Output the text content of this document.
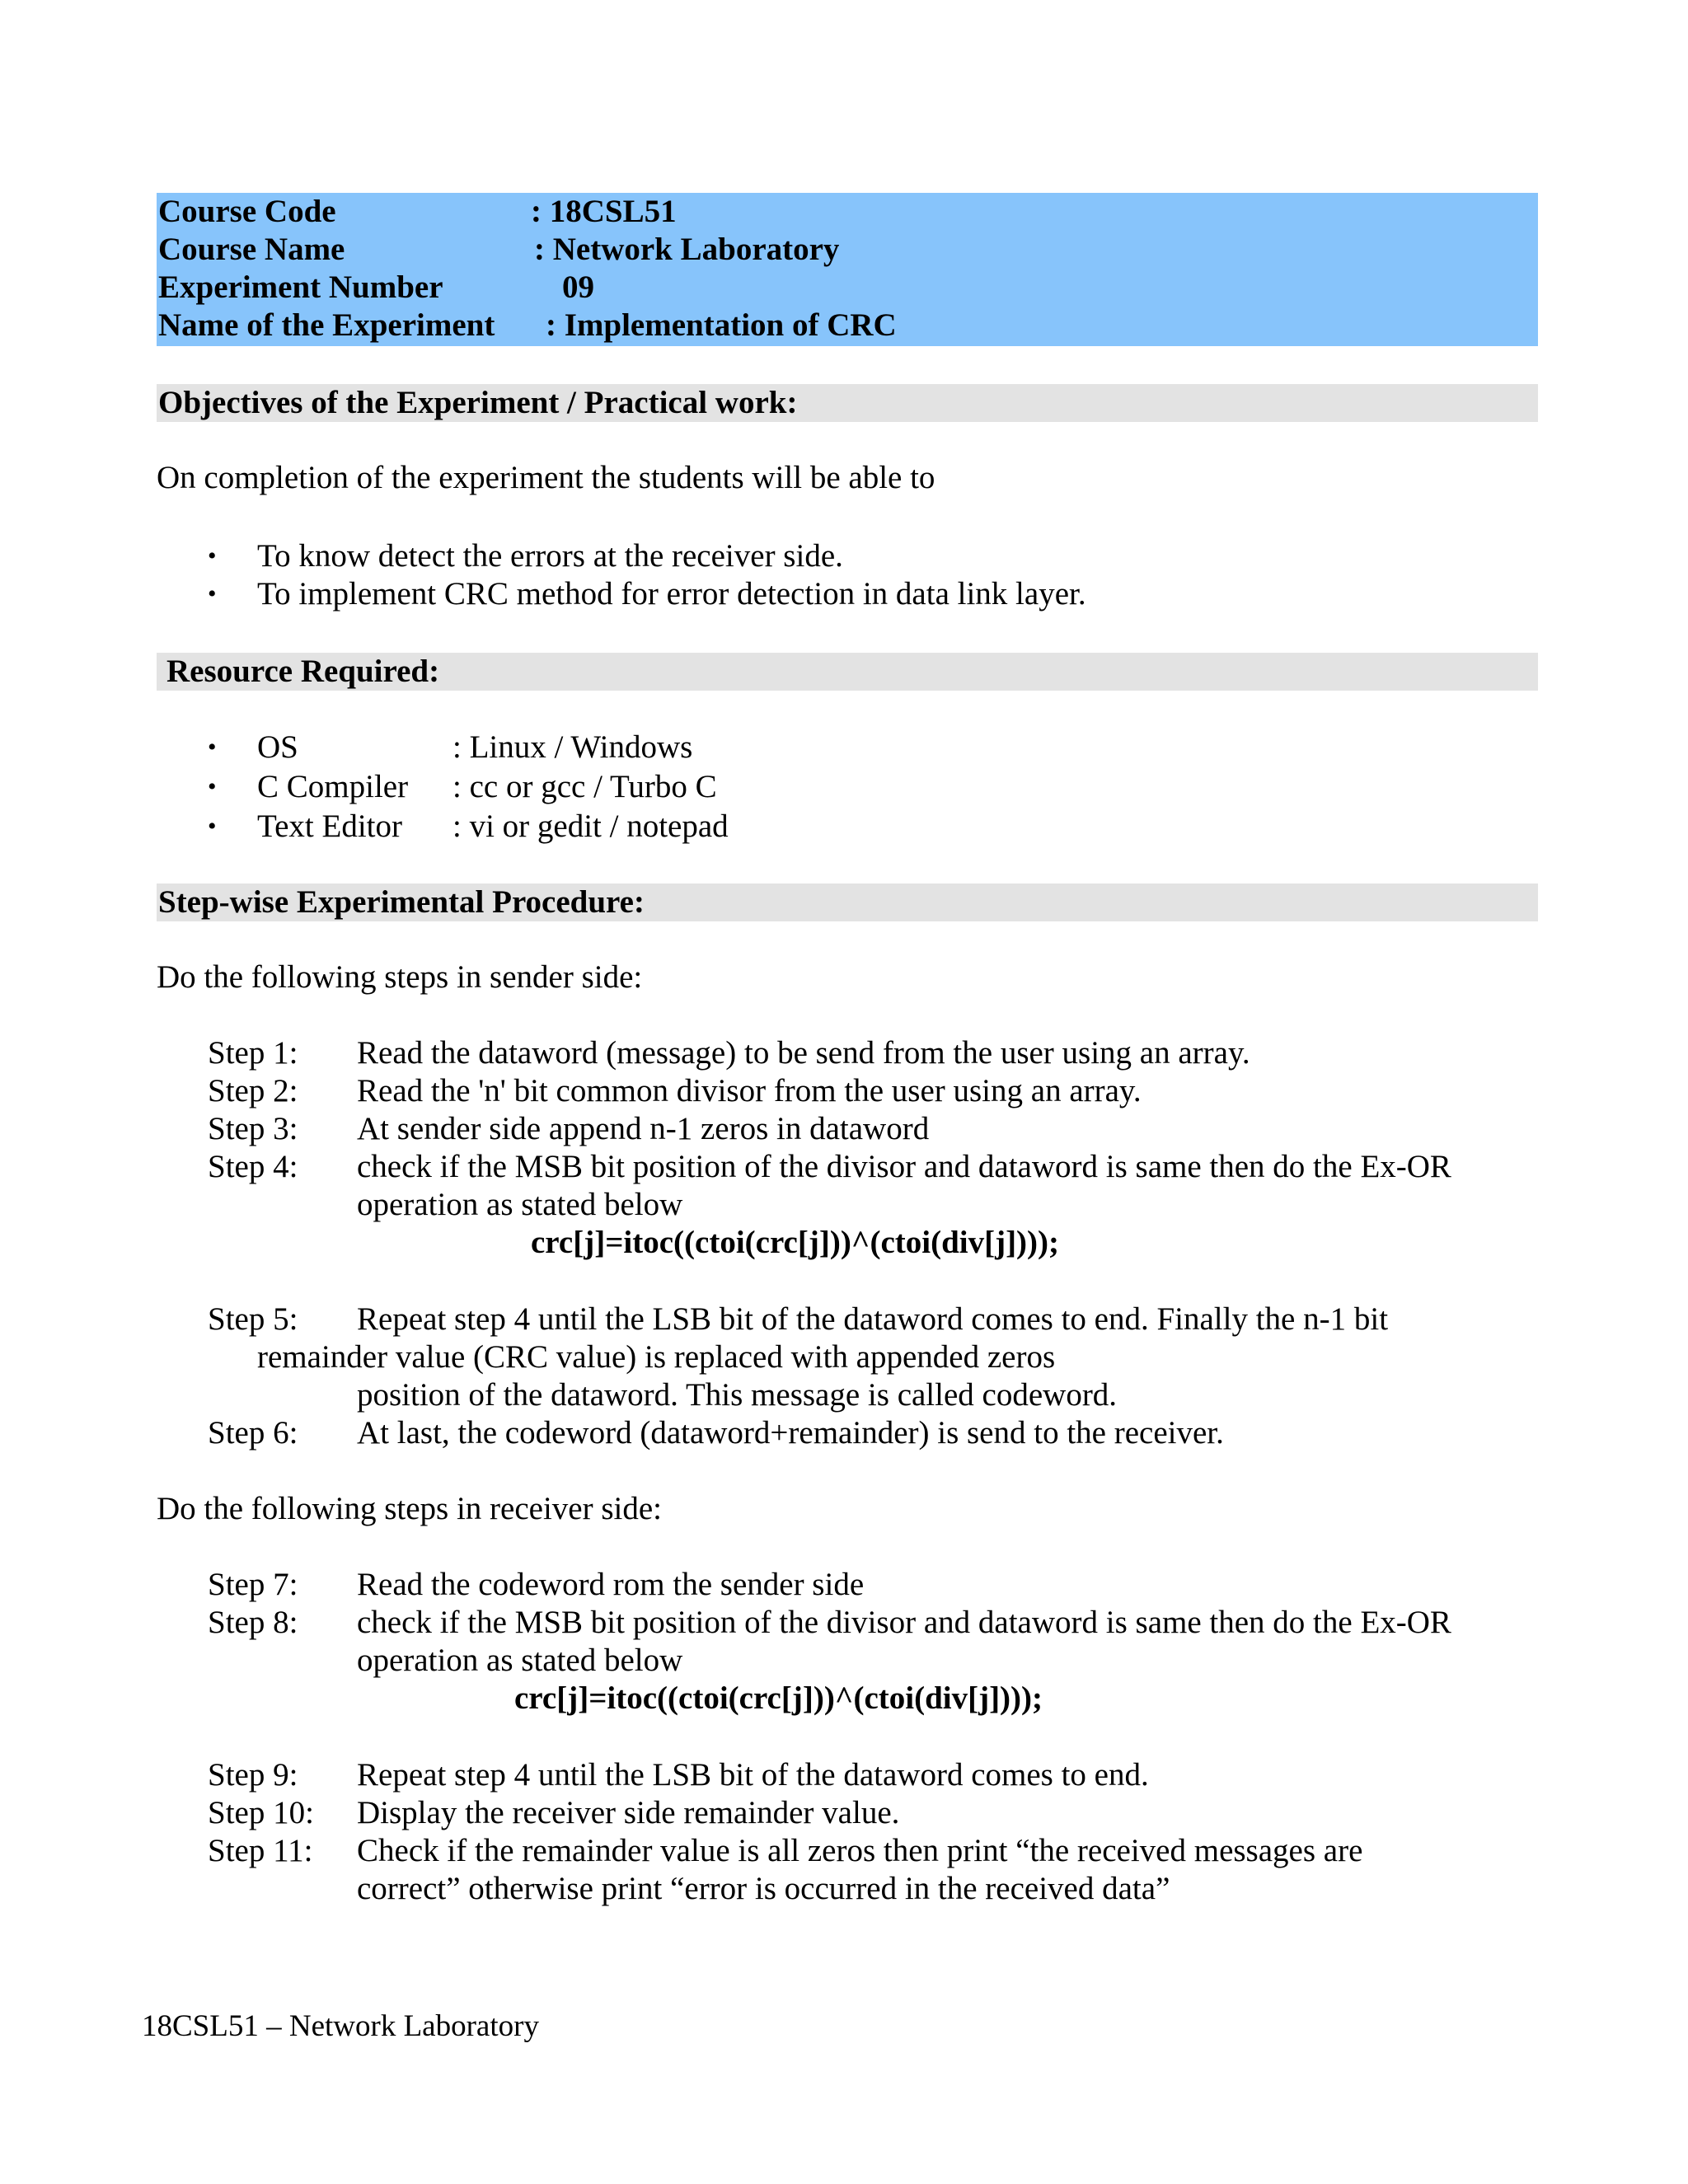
Course Code	: 18CSL51
Course Name	: Network Laboratory
Experiment Number	09
Name of the Experiment : Implementation of CRC
Objectives of the Experiment / Practical work:
On completion of the experiment the students will be able to
• To know detect the errors at the receiver side.
• To implement CRC method for error detection in data link layer.
Resource Required:
• OS	: Linux / Windows
• C Compiler : cc or gcc / Turbo C
• Text Editor : vi or gedit / notepad
Step-wise Experimental Procedure:
Do the following steps in sender side:
Step 1: Read the dataword (message) to be send from the user using an array.
Step 2: Read the 'n' bit common divisor from the user using an array.
Step 3: At sender side append n-1 zeros in dataword
Step 4: check if the MSB bit position of the divisor and dataword is same then do the Ex-OR
operation as stated below
crc[j]=itoc((ctoi(crc[j]))^(ctoi(div[j])));
Step 5: Repeat step 4 until the LSB bit of the dataword comes to end. Finally the n-1 bit
remainder value (CRC value) is replaced with appended zeros
position of the dataword. This message is called codeword.
Step 6: At last, the codeword (dataword+remainder) is send to the receiver.
Do the following steps in receiver side:
Step 7: Read the codeword rom the sender side
Step 8: check if the MSB bit position of the divisor and dataword is same then do the Ex-OR
operation as stated below
crc[j]=itoc((ctoi(crc[j]))^(ctoi(div[j])));
Step 9: Repeat step 4 until the LSB bit of the dataword comes to end.
Step 10: Display the receiver side remainder value.
Step 11: Check if the remainder value is all zeros then print “the received messages are
correct” otherwise print “error is occurred in the received data”
18CSL51 – Network Laboratory
